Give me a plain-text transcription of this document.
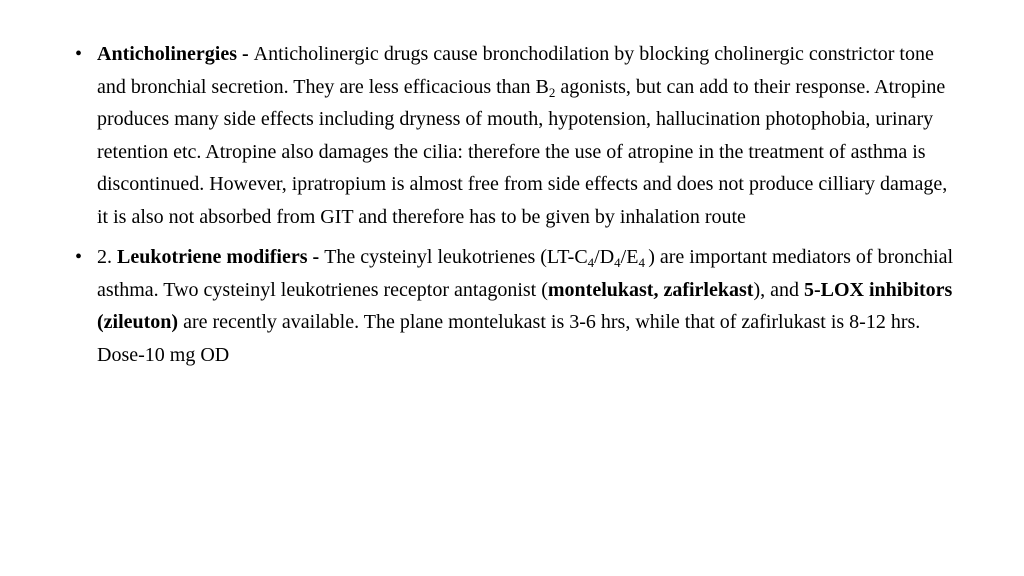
• Anticholinergies - Anticholinergic drugs cause bronchodilation by blocking cholinergic constrictor tone and bronchial secretion. They are less efficacious than $B_2$ agonists, but can add to their response. Atropine produces many side effects including dryness of mouth, hypotension, hallucination photophobia, urinary retention etc. Atropine also damages the cilia: therefore the use of atropine in the treatment of asthma is discontinued. However, ipratropium is almost free from side effects and does not produce cilliary damage, it is also not absorbed from GIT and therefore has to be given by inhalation route
• 2. Leukotriene modifiers - The cysteinyl leukotrienes ($LT-C_4/D_4/E_4$ ) are important mediators of bronchial asthma. Two cysteinyl leukotrienes receptor antagonist (montelukast, zafirlekast), and 5-LOX inhibitors (zileuton) are recently available. The plane montelukast is 3-6 hrs, while that of zafirlukast is 8-12 hrs. Dose-10 mg OD
